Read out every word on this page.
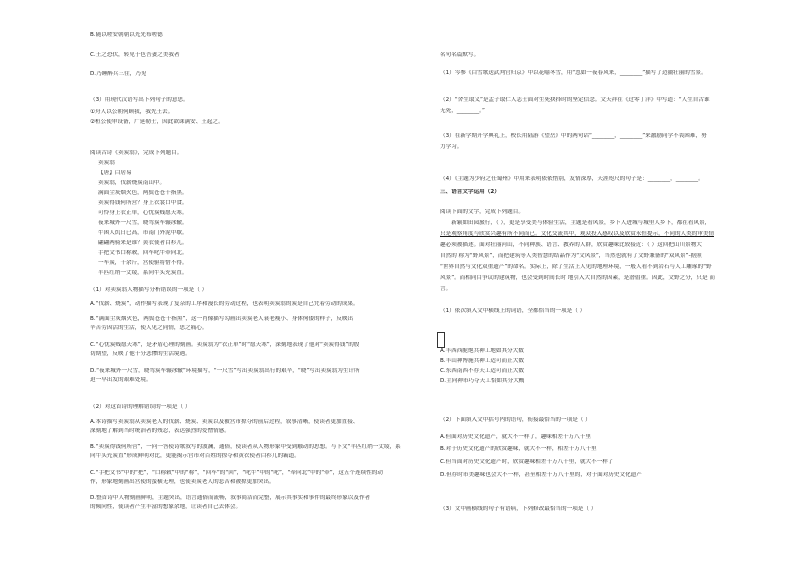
B.随以嗟安朝朝以光先布嗟德

C.王之恐伏，转见于色吾妻之美我者

D.乃睡醉兵三往，乃见

（3）用现代汉语写出下列句子的意思。

①舟人以公朝何顾我，我先王去。

②桓公使审设备，广延勒士，因此欲诛满安、王起之。

阅读古诗《卖炭翁》，完成下列题目。

卖炭翁

【唐】白居易

卖炭翁，伐薪烧炭南山中。

满面尘灰烟火色，两鬓苍苍十指黑。

卖炭得钱何所营？身上衣裳口中食。

可怜身上衣正单，心忧炭贱愿天寒。

夜来城外一尺雪，晓驾炭车辗冰辙。

牛困人饥日已高，市南门外泥中歇。

翩翩两骑来是谁？黄衣使者白衫儿。

手把文书口称敕，回车叱牛牵向北。

一车炭，千余斤，宫使驱将惜不得。

半匹红绡一丈绫，系向牛头充炭直。

（1）对卖炭翁人物描写分析错误的一项是（ ）

A.“伐薪、烧炭”，动作描写表现了复杂的工序和漫长的劳动过程，也表明卖炭翁的炭是自己凭着劳动的成果。

B.“满面尘灰烟火色，两鬓苍苍十指黑”，这一肖像描写勾画出卖炭老人衰老瘦小、身体佝偻的样子，反映出

辛苦劳因活的生活，使人见之同情，思之痛心。

C.“心忧炭贱愿天寒”，是矛盾心理的刻画。卖炭翁为“衣正单”时“愿天寒”，深刻地表现了他对“卖炭得钱”的殷

切期望，反映了他十分悲惨的生活境遇。

D.“夜来城外一尺雪，晓驾炭车辗冰辙”环境描写，“一尺雪”写出卖炭翁出行的艰辛，“晓”写出卖炭翁为生计所

迫一早出发的艰难处境。

（2）对这首诗的理解错误的一项是（ ）

A.本诗描写卖炭翁从卖炭老人的伐薪、烧炭、卖炭以及被宫市掠夺的前后过程，叙事清晰，使读者更加直接、

深刻地了解到当时统治者的残忍，表达强烈的爱憎情感。

B.“卖炭得钱何所营”，一问一答使诗歌叙写的波澜，通俗，使读者从人物形象中受到触动的思想。与下文“半匹红绡一丈绫，系

向牛头充炭直”形成鲜明对比，更能揭示宫市对百姓的掠夺和黄衣使者白衫儿的霸道。

C.“手把文书”中的“把”，“口称敕”中的“称”，“回车”的“回”，“叱牛”中的“叱”，“牵向北”中的“牵”，这五个连续性的动

作，形象地刻画出宫使的蛮横无理，也使卖炭老人的悲苦和被掠更加突出。

D.整首诗中人物刻画鲜明，主题突出，语言通俗而流畅，叙事简洁而完整，展示其事实和事件的最终形象以及作者

的倾向性，使读者产生丰富的想象余地，让读者自己去体会。

名句名篇默写。

（1）岑参《白雪歌送武判官归京》中以花喻冬雪，用“忽如一夜春风来，________”描写了边疆壮丽的雪景。

（2）“舍生取义”是孟子取仁人志士面对生死抉择时的坚定信念。文天祥在《过零丁洋》中写道：“人生自古谁

无死，________。”

（3）在新学期开学典礼上，校长用陆游《望岳》中的两句话“________，________”来激励同学不畏困难，努

力学习。

（4）《主题为少府之任蜀州》中用来表明依依惜别，友情深厚，天涯咫尺的句子是：________，________。

三、语言文字运用（2）

阅读下面的文字，完成下列题目。

　　新颖如田园旅行，（ ），更是享受美与体验生活，主题是看风景，乡下人进城与城里人乡下，都在看风景，

只是观察角度与欣赏兴趣有所不同而已。文化交流其中，观众投入感叹以及欣赏永恒提示，不同的人类的审美情

趣必须被描述。面对壮丽河山，不同种族、语言、教养的人群，欣赏趣味比较接近：（ ）这回把山川景物大

自然的 称为“野风景”，而把建筑等人类智慧的结晶作为“文风景”，当然也就有了文野兼备的“双风景”-据照

“世界自然与文化双重遗产”的命名。实际上，除了生活上人见的地理环境，一般人看不到岩石与人工雕琢的“野

风景”。而相同目争议的建筑物，也会受到时间长时 地引入大自然的因素，是潜倡重。因此，文野之分，只是 而

言。

（1）依次填入文中横线上的词语，全都恰当的一项是（ ）

A.丰西西脆饱共神工地如其分大数

B.丰山神博施共神工适可而止大数

C.东西南西不存天工适可而止大数

D.主向神市巧夺天工恰如其分大概

（2）下面填入文中括号内的语句，衔接最恰当的一项是（ ）

A.但面对历史文化遗产，就大不一样了，趣味相差十万八千里

B.对于历史文化遗产的欣赏趣味，就大不一样，相差十万八千里

C.但当面对历史文化遗产时，欣赏趣味相差十万八千里，就大不一样了

D.但存时市美趣味也会大不一样，甚至相差十万八千里的，对于面对历史文化遗产

（3）文中画横线的句子有语病，下列修改最恰当的一项是（ ）
